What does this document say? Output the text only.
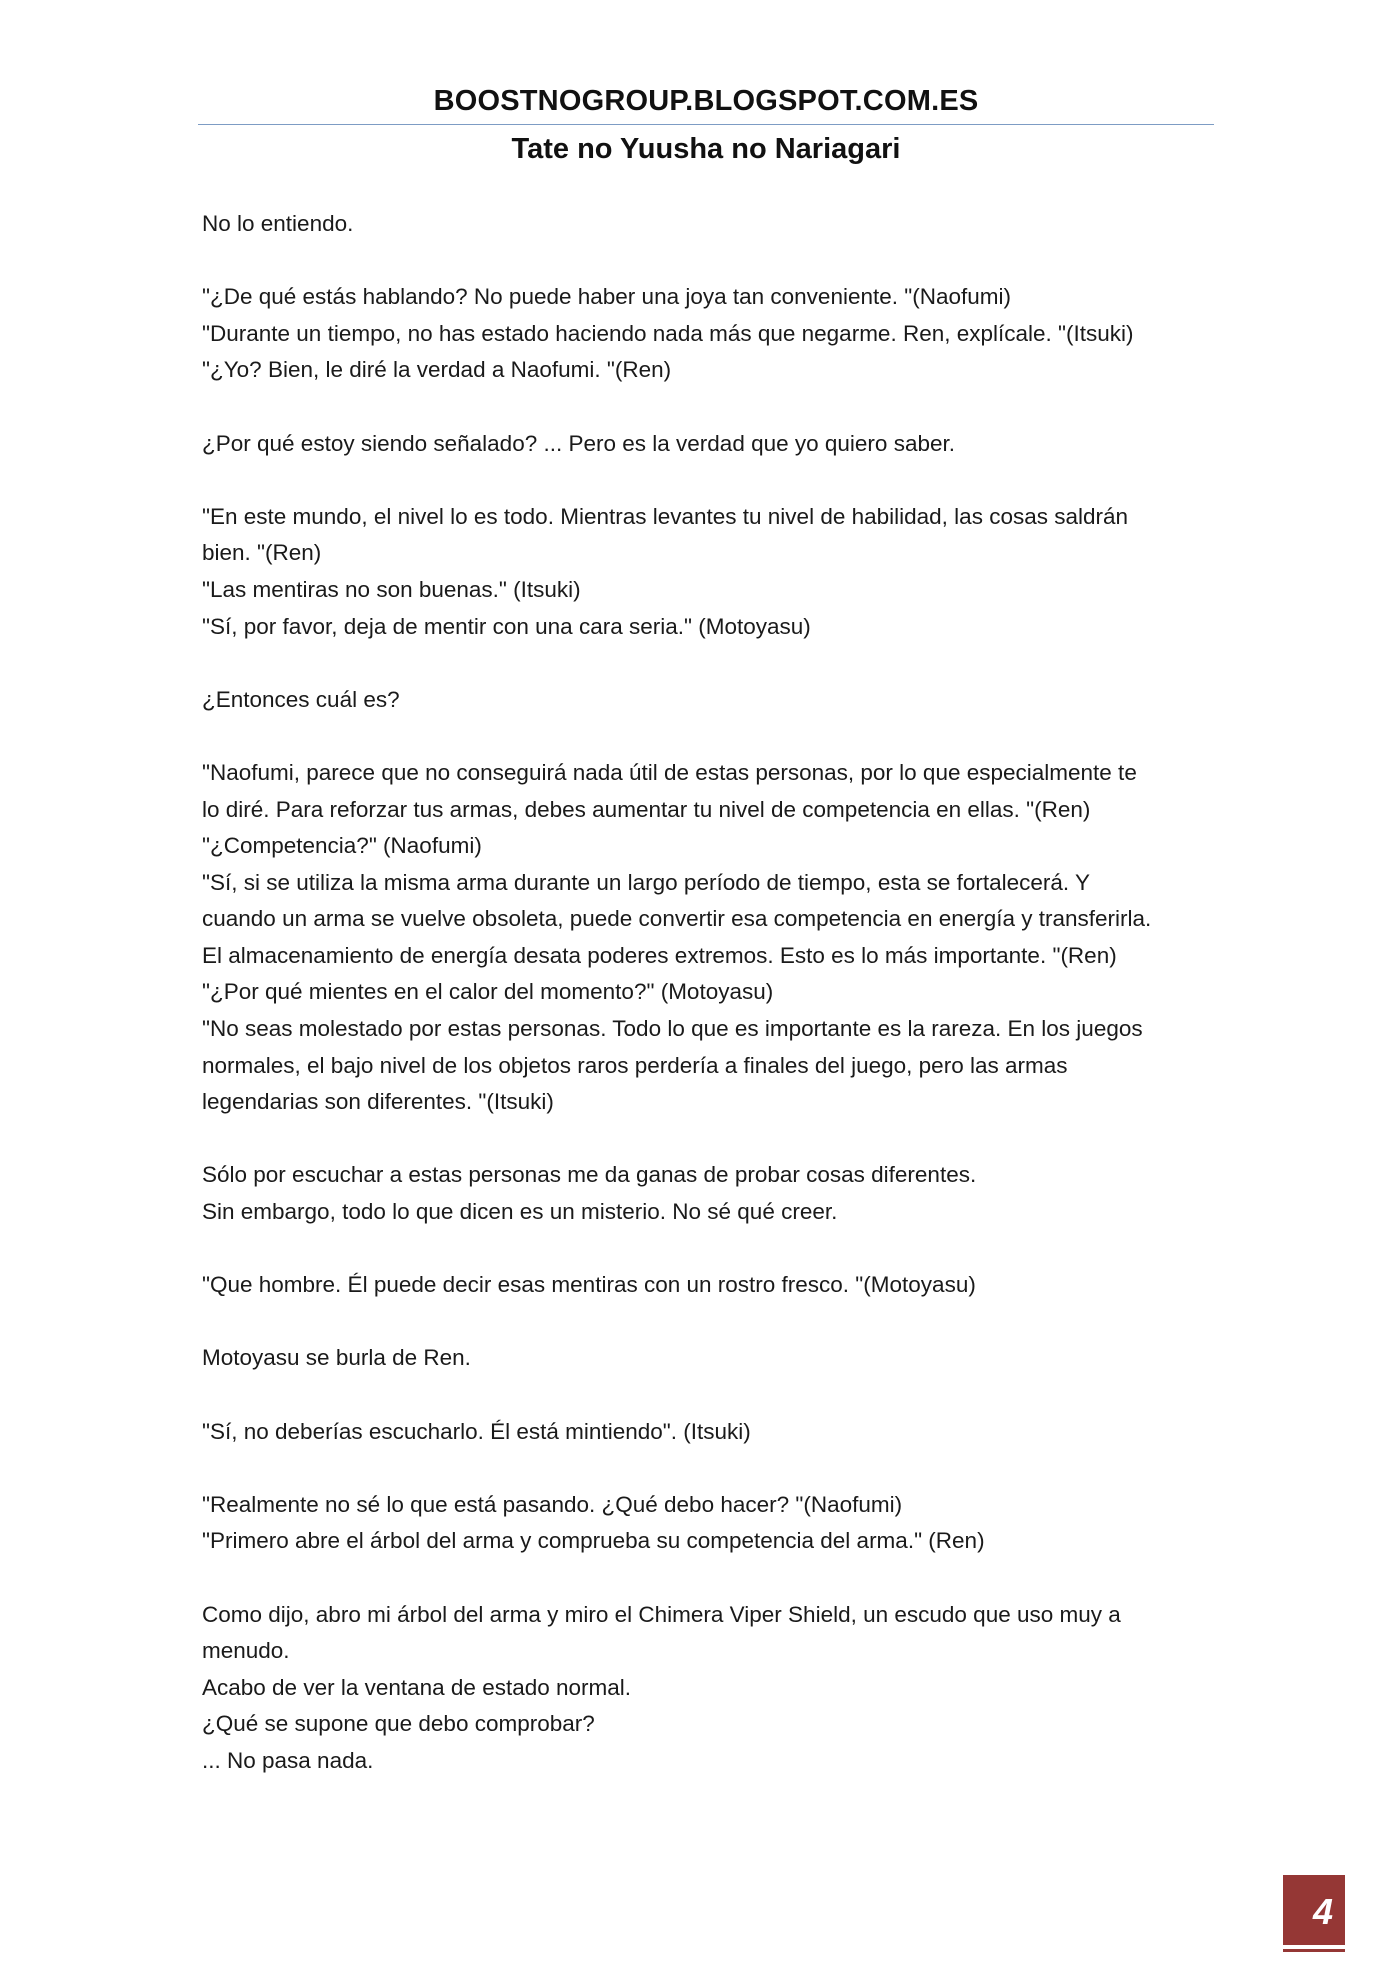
BOOSTNOGROUP.BLOGSPOT.COM.ES
Tate no Yuusha no Nariagari

No lo entiendo.

"¿De qué estás hablando? No puede haber una joya tan conveniente. "(Naofumi)
"Durante un tiempo, no has estado haciendo nada más que negarme. Ren, explícale. "(Itsuki)
"¿Yo? Bien, le diré la verdad a Naofumi. "(Ren)

¿Por qué estoy siendo señalado? ... Pero es la verdad que yo quiero saber.

"En este mundo, el nivel lo es todo. Mientras levantes tu nivel de habilidad, las cosas saldrán
bien. "(Ren)
"Las mentiras no son buenas." (Itsuki)
"Sí, por favor, deja de mentir con una cara seria." (Motoyasu)

¿Entonces cuál es?

"Naofumi, parece que no conseguirá nada útil de estas personas, por lo que especialmente te
lo diré. Para reforzar tus armas, debes aumentar tu nivel de competencia en ellas. "(Ren)
"¿Competencia?" (Naofumi)
"Sí, si se utiliza la misma arma durante un largo período de tiempo, esta se fortalecerá. Y
cuando un arma se vuelve obsoleta, puede convertir esa competencia en energía y transferirla.
El almacenamiento de energía desata poderes extremos. Esto es lo más importante. "(Ren)
"¿Por qué mientes en el calor del momento?" (Motoyasu)
"No seas molestado por estas personas. Todo lo que es importante es la rareza. En los juegos
normales, el bajo nivel de los objetos raros perdería a finales del juego, pero las armas
legendarias son diferentes. "(Itsuki)

Sólo por escuchar a estas personas me da ganas de probar cosas diferentes.
Sin embargo, todo lo que dicen es un misterio. No sé qué creer.

"Que hombre. Él puede decir esas mentiras con un rostro fresco. "(Motoyasu)

Motoyasu se burla de Ren.

"Sí, no deberías escucharlo. Él está mintiendo". (Itsuki)

"Realmente no sé lo que está pasando. ¿Qué debo hacer? "(Naofumi)
"Primero abre el árbol del arma y comprueba su competencia del arma." (Ren)

Como dijo, abro mi árbol del arma y miro el Chimera Viper Shield, un escudo que uso muy a
menudo.
Acabo de ver la ventana de estado normal.
¿Qué se supone que debo comprobar?
... No pasa nada.

4
